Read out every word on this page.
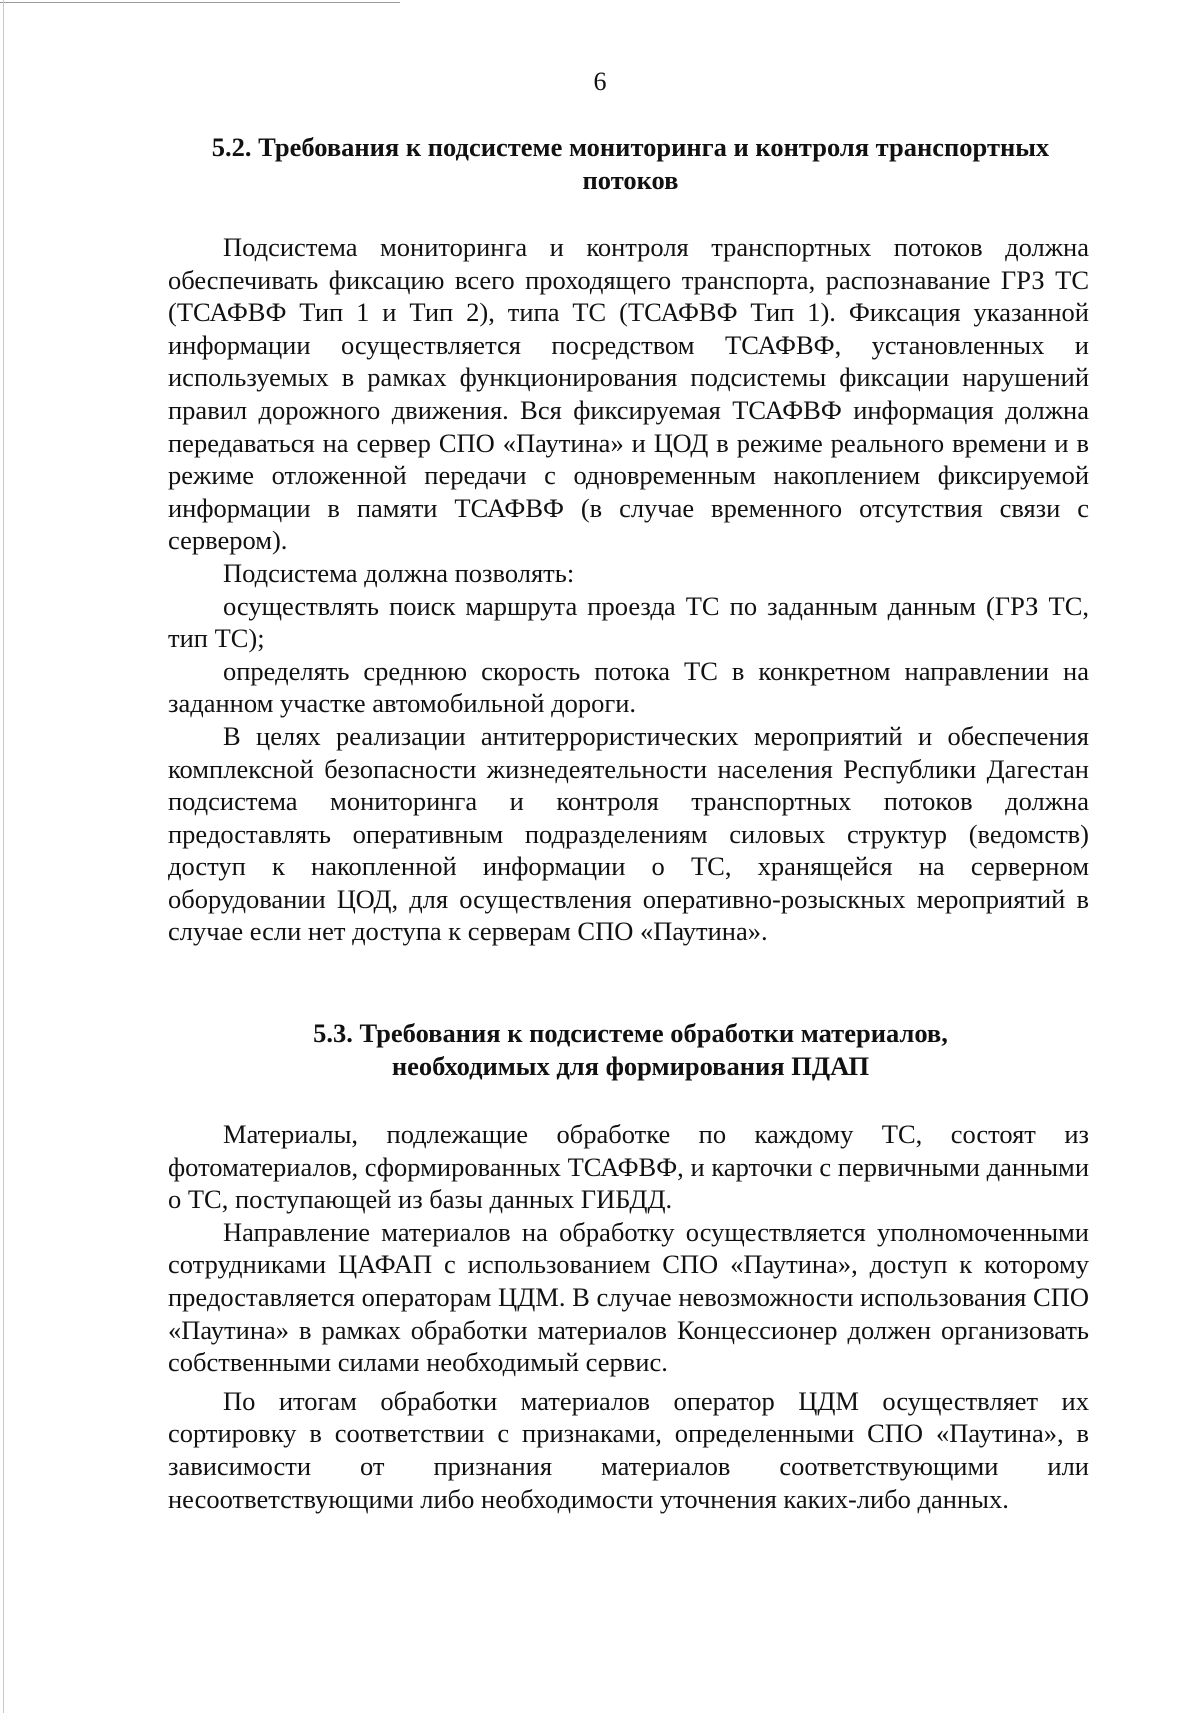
6
5.2. Требования к подсистеме мониторинга и контроля транспортных
потоков

Подсистема мониторинга и контроля транспортных потоков должна обеспечивать фиксацию всего проходящего транспорта, распознавание ГРЗ ТС (ТСАФВФ Тип 1 и Тип 2), типа ТС (ТСАФВФ Тип 1). Фиксация указанной информации осуществляется посредством ТСАФВФ, установленных и используемых в рамках функционирования подсистемы фиксации нарушений правил дорожного движения. Вся фиксируемая ТСАФВФ информация должна передаваться на сервер СПО «Паутина» и ЦОД в режиме реального времени и в режиме отложенной передачи с одновременным накоплением фиксируемой информации в памяти ТСАФВФ (в случае временного отсутствия связи с сервером).

Подсистема должна позволять:

осуществлять поиск маршрута проезда ТС по заданным данным (ГРЗ ТС, тип ТС);

определять среднюю скорость потока ТС в конкретном направлении на заданном участке автомобильной дороги.

В целях реализации антитеррористических мероприятий и обеспечения комплексной безопасности жизнедеятельности населения Республики Дагестан подсистема мониторинга и контроля транспортных потоков должна предоставлять оперативным подразделениям силовых структур (ведомств) доступ к накопленной информации о ТС, хранящейся на серверном оборудовании ЦОД, для осуществления оперативно-розыскных мероприятий в случае если нет доступа к серверам СПО «Паутина».

5.3. Требования к подсистеме обработки материалов,
необходимых для формирования ПДАП

Материалы, подлежащие обработке по каждому ТС, состоят из фотоматериалов, сформированных ТСАФВФ, и карточки с первичными данными о ТС, поступающей из базы данных ГИБДД.

Направление материалов на обработку осуществляется уполномоченными сотрудниками ЦАФАП с использованием СПО «Паутина», доступ к которому предоставляется операторам ЦДМ. В случае невозможности использования СПО «Паутина» в рамках обработки материалов Концессионер должен организовать собственными силами необходимый сервис.

По итогам обработки материалов оператор ЦДМ осуществляет их сортировку в соответствии с признаками, определенными СПО «Паутина», в зависимости от признания материалов соответствующими или несоответствующими либо необходимости уточнения каких-либо данных.
